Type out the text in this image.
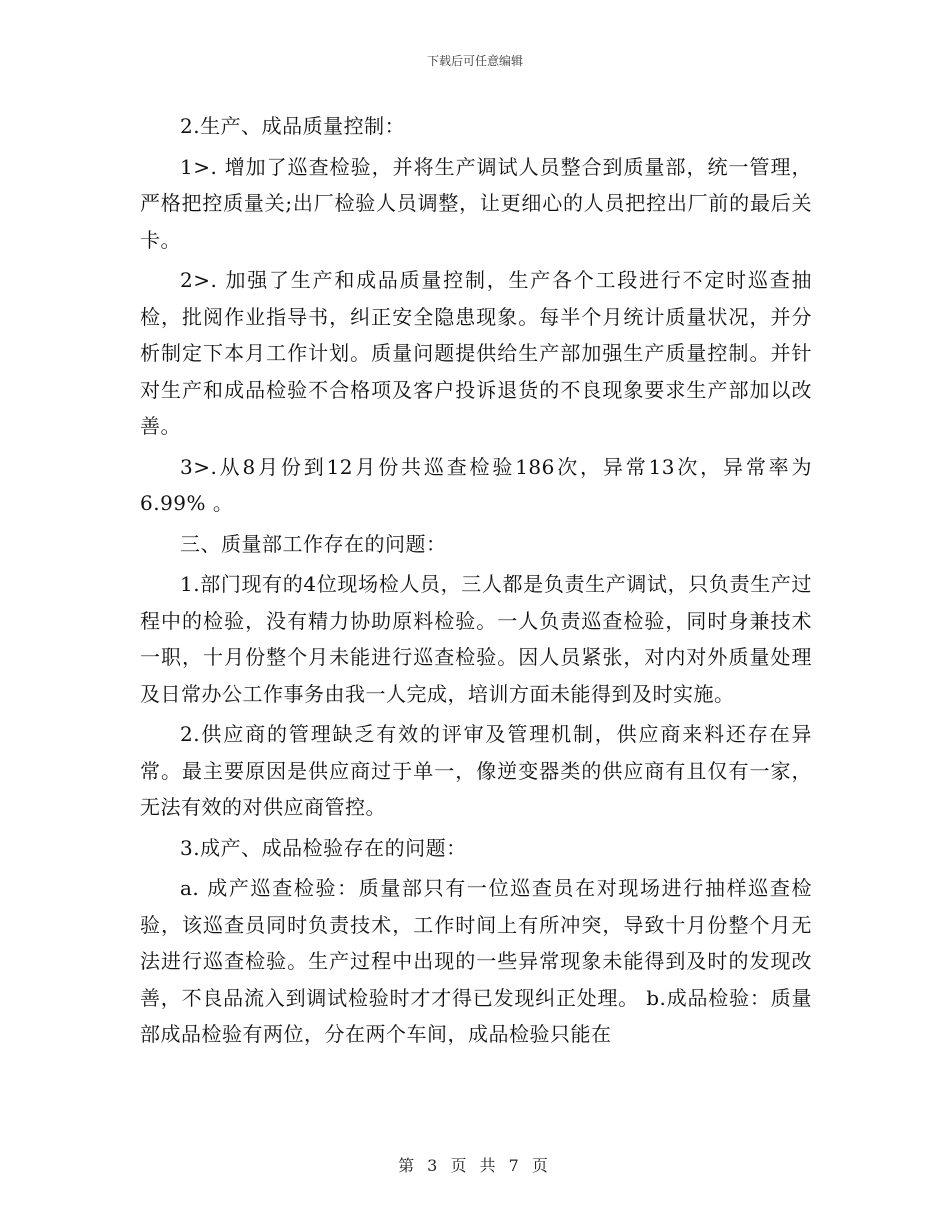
下载后可任意编辑

2.生产、成品质量控制：

1>. 增加了巡查检验，并将生产调试人员整合到质量部，统一管理，严格把控质量关;出厂检验人员调整，让更细心的人员把控出厂前的最后关卡。

2>. 加强了生产和成品质量控制，生产各个工段进行不定时巡查抽检，批阅作业指导书，纠正安全隐患现象。每半个月统计质量状况，并分析制定下本月工作计划。质量问题提供给生产部加强生产质量控制。并针对生产和成品检验不合格项及客户投诉退货的不良现象要求生产部加以改善。

3>.从8月份到12月份共巡查检验186次，异常13次，异常率为6.99% 。

三、质量部工作存在的问题：

1.部门现有的4位现场检人员，三人都是负责生产调试，只负责生产过程中的检验，没有精力协助原料检验。一人负责巡查检验，同时身兼技术一职，十月份整个月未能进行巡查检验。因人员紧张，对内对外质量处理及日常办公工作事务由我一人完成，培训方面未能得到及时实施。

2.供应商的管理缺乏有效的评审及管理机制，供应商来料还存在异常。最主要原因是供应商过于单一，像逆变器类的供应商有且仅有一家，无法有效的对供应商管控。

3.成产、成品检验存在的问题：

a. 成产巡查检验：质量部只有一位巡查员在对现场进行抽样巡查检验，该巡查员同时负责技术，工作时间上有所冲突，导致十月份整个月无法进行巡查检验。生产过程中出现的一些异常现象未能得到及时的发现改善，不良品流入到调试检验时才才得已发现纠正处理。 b.成品检验：质量部成品检验有两位，分在两个车间，成品检验只能在

第 3 页 共 7 页
